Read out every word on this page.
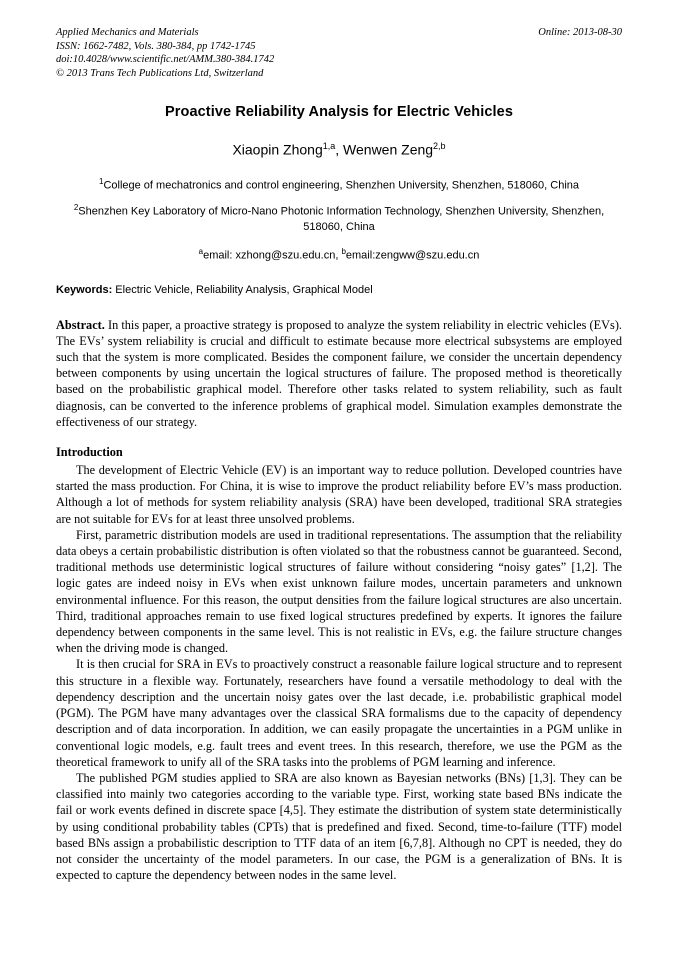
Applied Mechanics and Materials
ISSN: 1662-7482, Vols. 380-384, pp 1742-1745
doi:10.4028/www.scientific.net/AMM.380-384.1742
© 2013 Trans Tech Publications Ltd, Switzerland
Online: 2013-08-30
Proactive Reliability Analysis for Electric Vehicles
Xiaopin Zhong$^{1,a}$, Wenwen Zeng$^{2,b}$
$^1$College of mechatronics and control engineering, Shenzhen University, Shenzhen, 518060, China
$^2$Shenzhen Key Laboratory of Micro-Nano Photonic Information Technology, Shenzhen University, Shenzhen, 518060, China
$^a$email: xzhong@szu.edu.cn, $^b$email:zengww@szu.edu.cn
Keywords: Electric Vehicle, Reliability Analysis, Graphical Model
Abstract. In this paper, a proactive strategy is proposed to analyze the system reliability in electric vehicles (EVs). The EVs’ system reliability is crucial and difficult to estimate because more electrical subsystems are employed such that the system is more complicated. Besides the component failure, we consider the uncertain dependency between components by using uncertain the logical structures of failure. The proposed method is theoretically based on the probabilistic graphical model. Therefore other tasks related to system reliability, such as fault diagnosis, can be converted to the inference problems of graphical model. Simulation examples demonstrate the effectiveness of our strategy.
Introduction

The development of Electric Vehicle (EV) is an important way to reduce pollution. Developed countries have started the mass production. For China, it is wise to improve the product reliability before EV’s mass production. Although a lot of methods for system reliability analysis (SRA) have been developed, traditional SRA strategies are not suitable for EVs for at least three unsolved problems.

First, parametric distribution models are used in traditional representations. The assumption that the reliability data obeys a certain probabilistic distribution is often violated so that the robustness cannot be guaranteed. Second, traditional methods use deterministic logical structures of failure without considering “noisy gates” [1,2]. The logic gates are indeed noisy in EVs when exist unknown failure modes, uncertain parameters and unknown environmental influence. For this reason, the output densities from the failure logical structures are also uncertain. Third, traditional approaches remain to use fixed logical structures predefined by experts. It ignores the failure dependency between components in the same level. This is not realistic in EVs, e.g. the failure structure changes when the driving mode is changed.

It is then crucial for SRA in EVs to proactively construct a reasonable failure logical structure and to represent this structure in a flexible way. Fortunately, researchers have found a versatile methodology to deal with the dependency description and the uncertain noisy gates over the last decade, i.e. probabilistic graphical model (PGM). The PGM have many advantages over the classical SRA formalisms due to the capacity of dependency description and of data incorporation. In addition, we can easily propagate the uncertainties in a PGM unlike in conventional logic models, e.g. fault trees and event trees. In this research, therefore, we use the PGM as the theoretical framework to unify all of the SRA tasks into the problems of PGM learning and inference.

The published PGM studies applied to SRA are also known as Bayesian networks (BNs) [1,3]. They can be classified into mainly two categories according to the variable type. First, working state based BNs indicate the fail or work events defined in discrete space [4,5]. They estimate the distribution of system state deterministically by using conditional probability tables (CPTs) that is predefined and fixed. Second, time-to-failure (TTF) model based BNs assign a probabilistic description to TTF data of an item [6,7,8]. Although no CPT is needed, they do not consider the uncertainty of the model parameters. In our case, the PGM is a generalization of BNs. It is expected to capture the dependency between nodes in the same level.
